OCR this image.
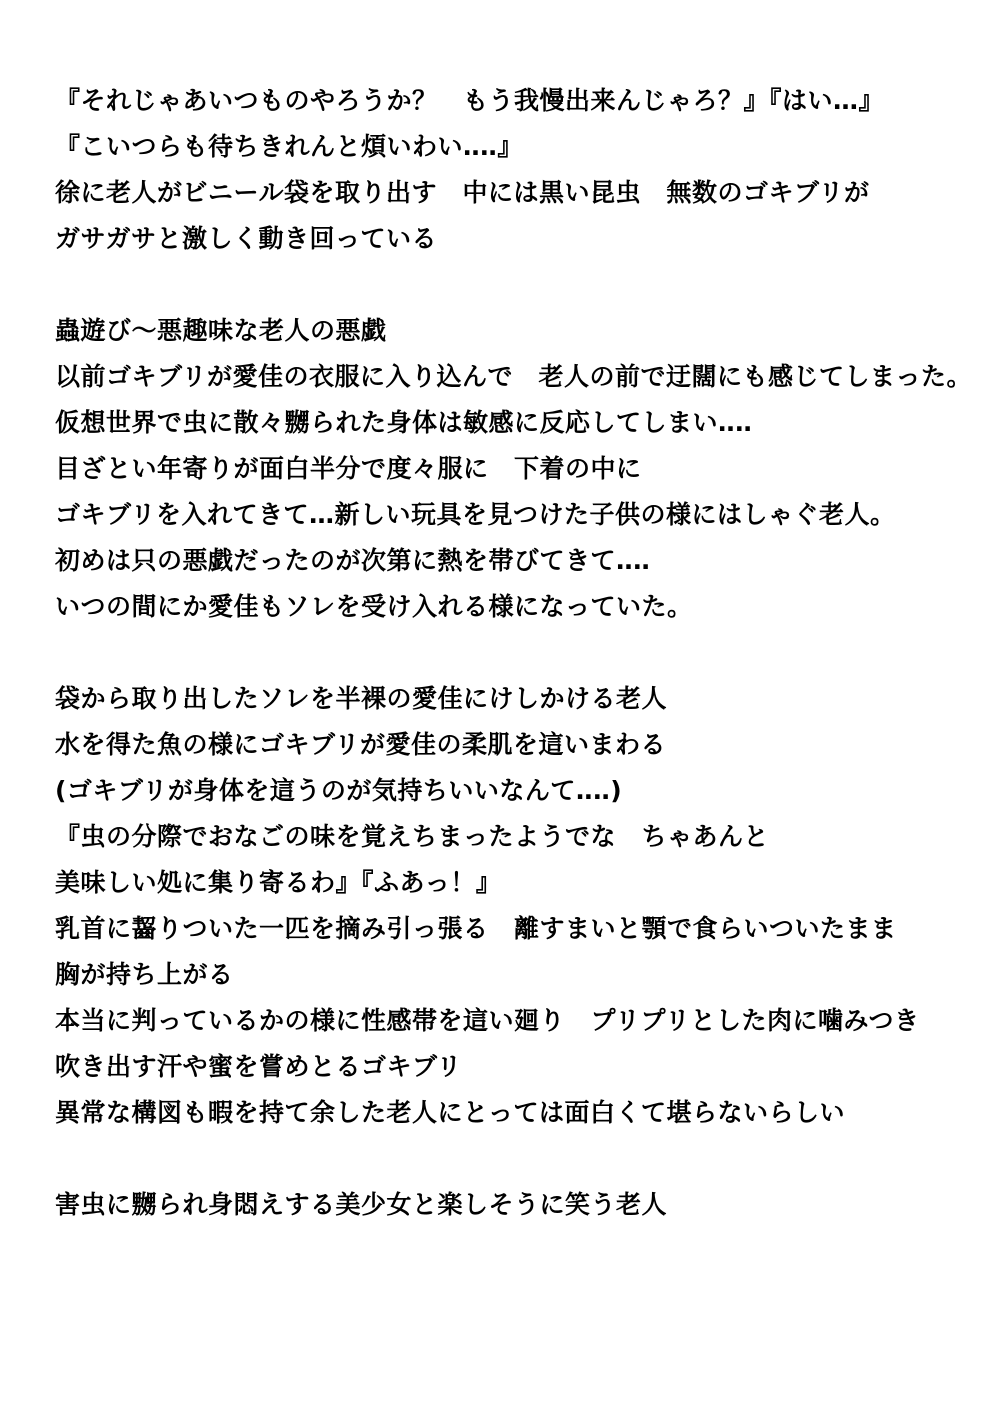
『それじゃあいつものやろうか？　もう我慢出来んじゃろ？』『はい…』
『こいつらも待ちきれんと煩いわい‥‥』
徐に老人がビニール袋を取り出す　中には黒い昆虫　無数のゴキブリが
ガサガサと激しく動き回っている
蟲遊び～悪趣味な老人の悪戯
以前ゴキブリが愛佳の衣服に入り込んで　老人の前で迂闊にも感じてしまった。
仮想世界で虫に散々嬲られた身体は敏感に反応してしまい‥‥
目ざとい年寄りが面白半分で度々服に　下着の中に
ゴキブリを入れてきて…新しい玩具を見つけた子供の様にはしゃぐ老人。
初めは只の悪戯だったのが次第に熱を帯びてきて‥‥
いつの間にか愛佳もソレを受け入れる様になっていた。
袋から取り出したソレを半裸の愛佳にけしかける老人
水を得た魚の様にゴキブリが愛佳の柔肌を這いまわる
(ゴキブリが身体を這うのが気持ちいいなんて‥‥)
『虫の分際でおなごの味を覚えちまったようでな　ちゃあんと
美味しい処に集り寄るわ』『ふあっ！』
乳首に齧りついた一匹を摘み引っ張る　離すまいと顎で食らいついたまま
胸が持ち上がる
本当に判っているかの様に性感帯を這い廻り　プリプリとした肉に噛みつき
吹き出す汗や蜜を嘗めとるゴキブリ
異常な構図も暇を持て余した老人にとっては面白くて堪らないらしい
害虫に嬲られ身悶えする美少女と楽しそうに笑う老人
